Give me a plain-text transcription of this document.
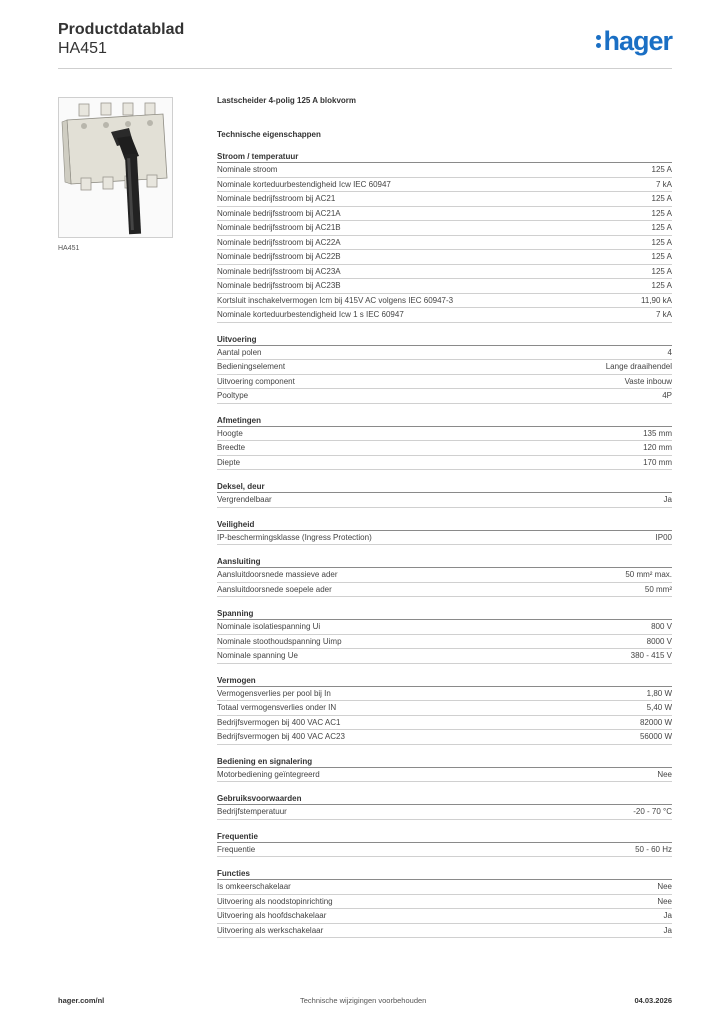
Productdatablad
HA451	hager
HA451
Lastscheider 4-polig 125 A blokvorm
Technische eigenschappen
Stroom / temperatuur
Nominale stroom	125 A
Nominale korteduurbestendigheid Icw IEC 60947	7 kA
Nominale bedrijfsstroom bij AC21	125 A
Nominale bedrijfsstroom bij AC21A	125 A
Nominale bedrijfsstroom bij AC21B	125 A
Nominale bedrijfsstroom bij AC22A	125 A
Nominale bedrijfsstroom bij AC22B	125 A
Nominale bedrijfsstroom bij AC23A	125 A
Nominale bedrijfsstroom bij AC23B	125 A
Kortsluit inschakelvermogen Icm bij 415V AC volgens IEC 60947-3	11,90 kA
Nominale korteduurbestendigheid Icw 1 s IEC 60947	7 kA
Uitvoering
Aantal polen	4
Bedieningselement	Lange draaihendel
Uitvoering component	Vaste inbouw
Pooltype	4P
Afmetingen
Hoogte	135 mm
Breedte	120 mm
Diepte	170 mm
Deksel, deur
Vergrendelbaar	Ja
Veiligheid
IP-beschermingsklasse (Ingress Protection)	IP00
Aansluiting
Aansluitdoorsnede massieve ader	50 mm² max.
Aansluitdoorsnede soepele ader	50 mm²
Spanning
Nominale isolatiespanning Ui	800 V
Nominale stoothoudspanning Uimp	8000 V
Nominale spanning Ue	380 - 415 V
Vermogen
Vermogensverlies per pool bij In	1,80 W
Totaal vermogensverlies onder IN	5,40 W
Bedrijfsvermogen bij 400 VAC AC1	82000 W
Bedrijfsvermogen bij 400 VAC AC23	56000 W
Bediening en signalering
Motorbediening geïntegreerd	Nee
Gebruiksvoorwaarden
Bedrijfstemperatuur	-20 - 70 °C
Frequentie
Frequentie	50 - 60 Hz
Functies
Is omkeerschakelaar	Nee
Uitvoering als noodstopinrichting	Nee
Uitvoering als hoofdschakelaar	Ja
Uitvoering als werkschakelaar	Ja
hager.com/nl	Technische wijzigingen voorbehouden	04.03.2026
